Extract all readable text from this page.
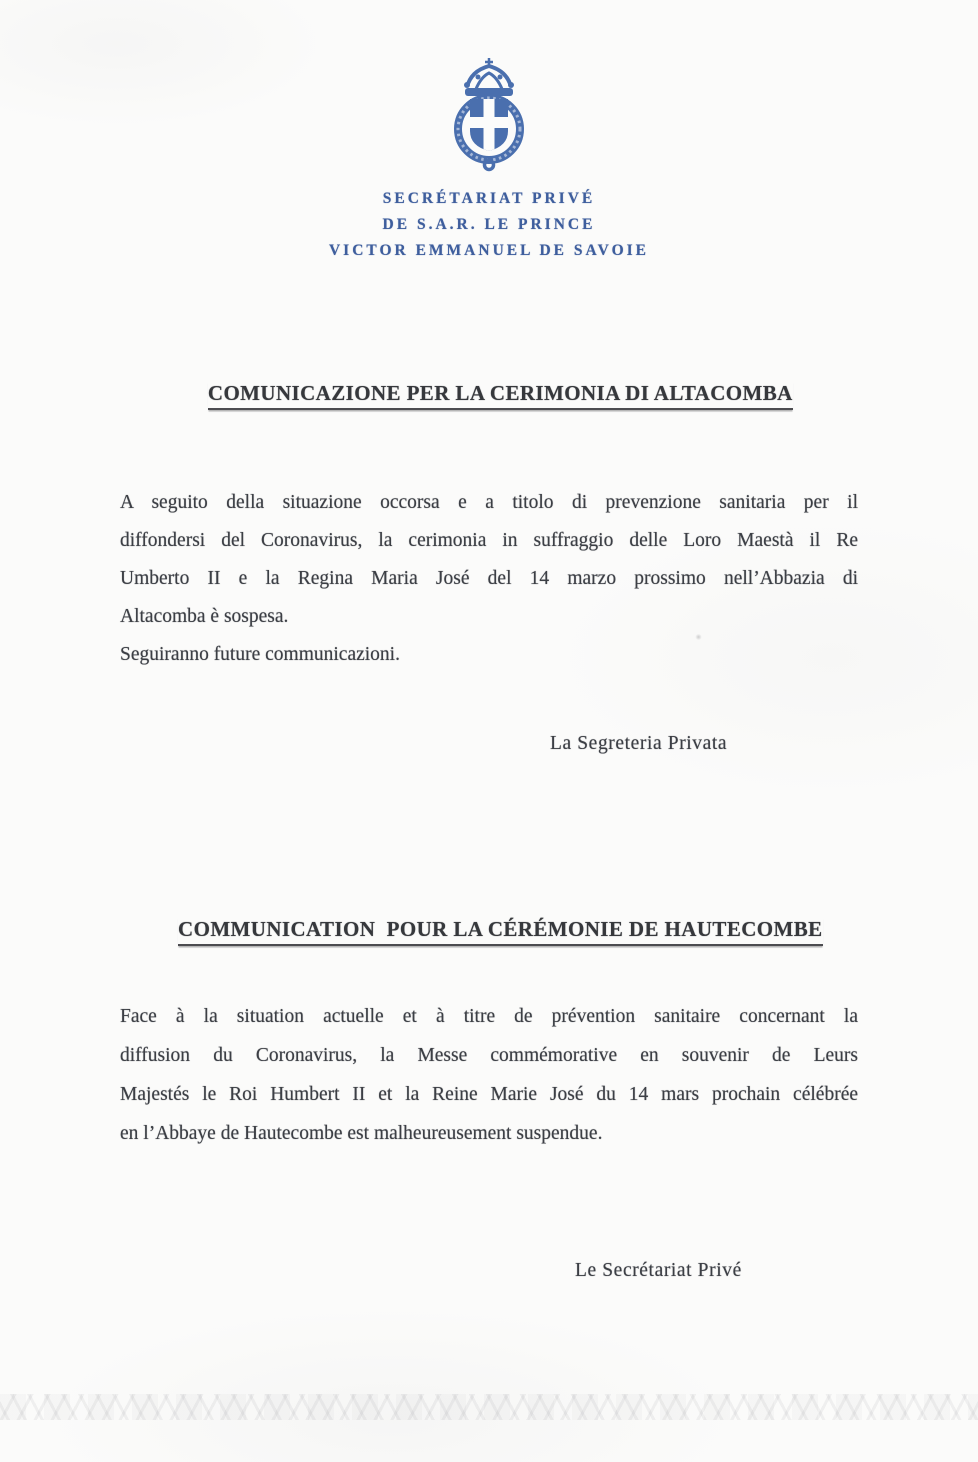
SECRÉTARIAT PRIVÉ
DE S.A.R. LE PRINCE
VICTOR EMMANUEL DE SAVOIE

COMUNICAZIONE PER LA CERIMONIA DI ALTACOMBA

A seguito della situazione occorsa e a titolo di prevenzione sanitaria per il
diffondersi del Coronavirus, la cerimonia in suffraggio delle Loro Maestà il Re
Umberto II e la Regina Maria José del 14 marzo prossimo nell’Abbazia di
Altacomba è sospesa.
Seguiranno future communicazioni.
La Segreteria Privata

COMMUNICATION  POUR LA CÉRÉMONIE DE HAUTECOMBE

Face à la situation actuelle et à titre de prévention sanitaire concernant la
diffusion du Coronavirus, la Messe commémorative en souvenir de Leurs
Majestés le Roi Humbert II et la Reine Marie José du 14 mars prochain célébrée
en l’Abbaye de Hautecombe est malheureusement suspendue.
Le Secrétariat Privé
